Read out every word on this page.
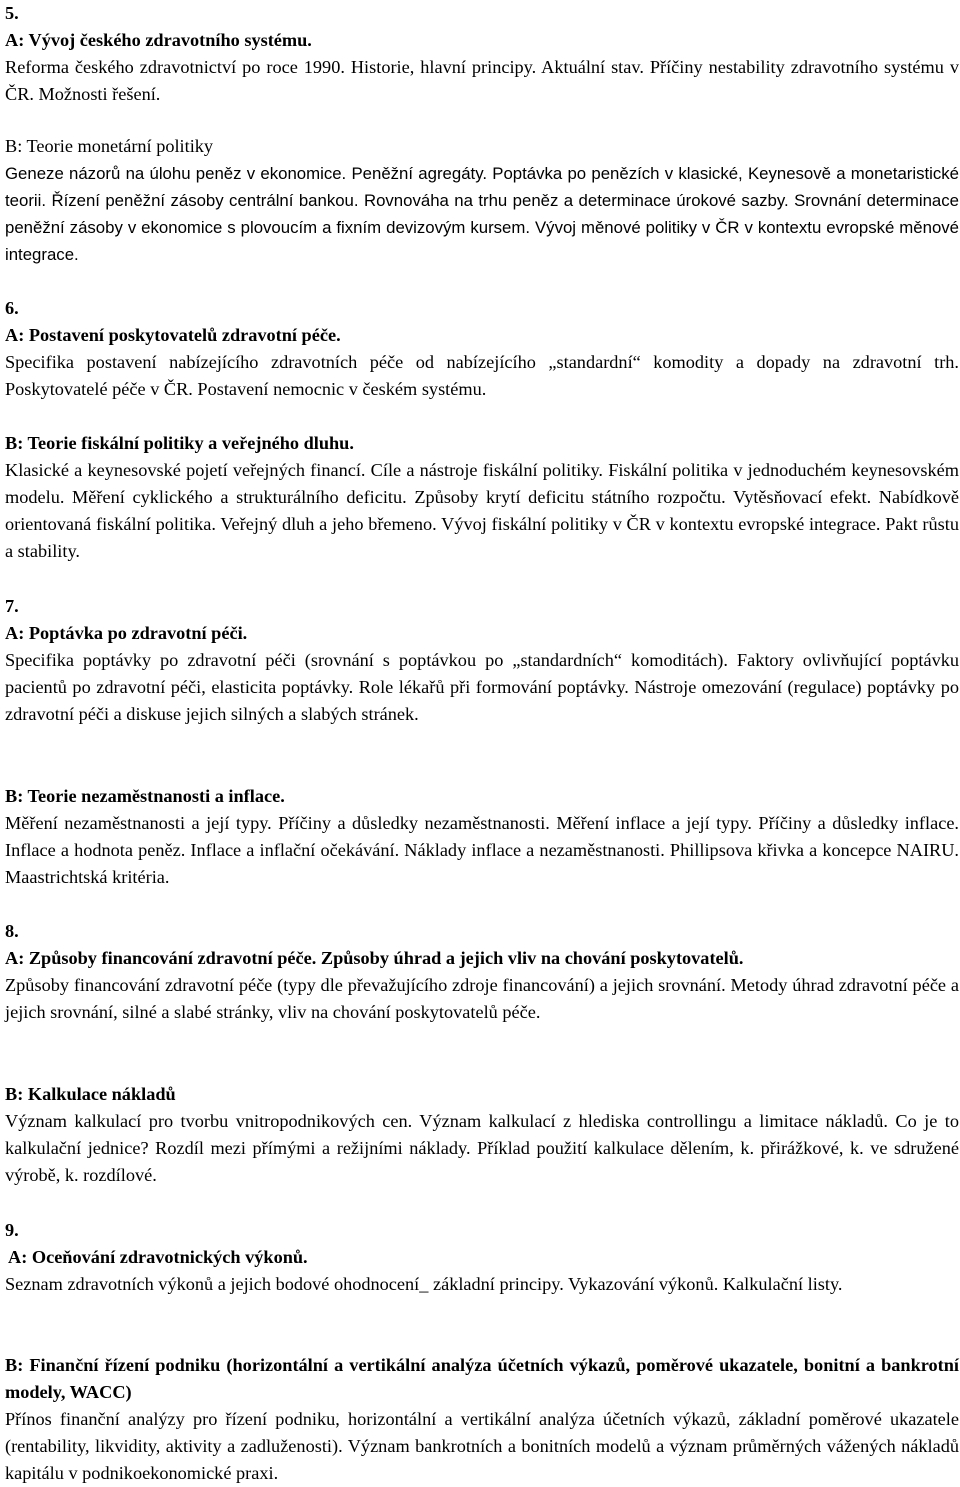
5.
A: Vývoj českého zdravotního systému.
Reforma českého zdravotnictví po roce 1990. Historie, hlavní principy. Aktuální stav. Příčiny nestability zdravotního systému v ČR. Možnosti řešení.
B: Teorie monetární politiky
Geneze názorů na úlohu peněz v ekonomice. Peněžní agregáty. Poptávka po penězích v klasické, Keynesově a monetaristické teorii. Řízení peněžní zásoby centrální bankou. Rovnováha na trhu peněz a determinace úrokové sazby. Srovnání determinace peněžní zásoby v ekonomice s plovoucím a fixním devizovým kursem. Vývoj měnové politiky v ČR v kontextu evropské měnové integrace.
6.
A: Postavení poskytovatelů zdravotní péče.
Specifika postavení nabízejícího zdravotních péče od nabízejícího „standardní“ komodity a dopady na zdravotní trh. Poskytovatelé péče v ČR. Postavení nemocnic v českém systému.
B: Teorie fiskální politiky a veřejného dluhu.
Klasické a keynesovské pojetí veřejných financí. Cíle a nástroje fiskální politiky. Fiskální politika v jednoduchém keynesovském modelu. Měření cyklického a strukturálního deficitu. Způsoby krytí deficitu státního rozpočtu. Vytěsňovací efekt. Nabídkově orientovaná fiskální politika. Veřejný dluh a jeho břemeno. Vývoj fiskální politiky v ČR v kontextu evropské integrace. Pakt růstu a stability.
7.
A: Poptávka po zdravotní péči.
Specifika poptávky po zdravotní péči (srovnání s poptávkou po „standardních“ komoditách). Faktory ovlivňující poptávku pacientů po zdravotní péči, elasticita poptávky. Role lékařů při formování poptávky. Nástroje omezování (regulace) poptávky po zdravotní péči a diskuse jejich silných a slabých stránek.
B: Teorie nezaměstnanosti a inflace.
Měření nezaměstnanosti a její typy. Příčiny a důsledky nezaměstnanosti. Měření inflace a její typy. Příčiny a důsledky inflace. Inflace a hodnota peněz. Inflace a inflační očekávání. Náklady inflace a nezaměstnanosti. Phillipsova křivka a koncepce NAIRU. Maastrichtská kritéria.
8.
A: Způsoby financování zdravotní péče. Způsoby úhrad a jejich vliv na chování poskytovatelů.
Způsoby financování zdravotní péče (typy dle převažujícího zdroje financování) a jejich srovnání. Metody úhrad zdravotní péče a jejich srovnání, silné a slabé stránky, vliv na chování poskytovatelů péče.
B: Kalkulace nákladů
Význam kalkulací pro tvorbu vnitropodnikových cen. Význam kalkulací z hlediska controllingu a limitace nákladů. Co je to kalkulační jednice? Rozdíl mezi přímými a režijními náklady. Příklad použití kalkulace dělením, k. přirážkové, k. ve sdružené výrobě, k. rozdílové.
9.
A: Oceňování zdravotnických výkonů.
Seznam zdravotních výkonů a jejich bodové ohodnocení_ základní principy. Vykazování výkonů. Kalkulační listy.
B: Finanční řízení podniku (horizontální a vertikální analýza účetních výkazů, poměrové ukazatele, bonitní a bankrotní modely, WACC)
Přínos finanční analýzy pro řízení podniku, horizontální a vertikální analýza účetních výkazů, základní poměrové ukazatele (rentability, likvidity, aktivity a zadluženosti). Význam bankrotních a bonitních modelů a význam průměrných vážených nákladů kapitálu v podnikoekonomické praxi.
